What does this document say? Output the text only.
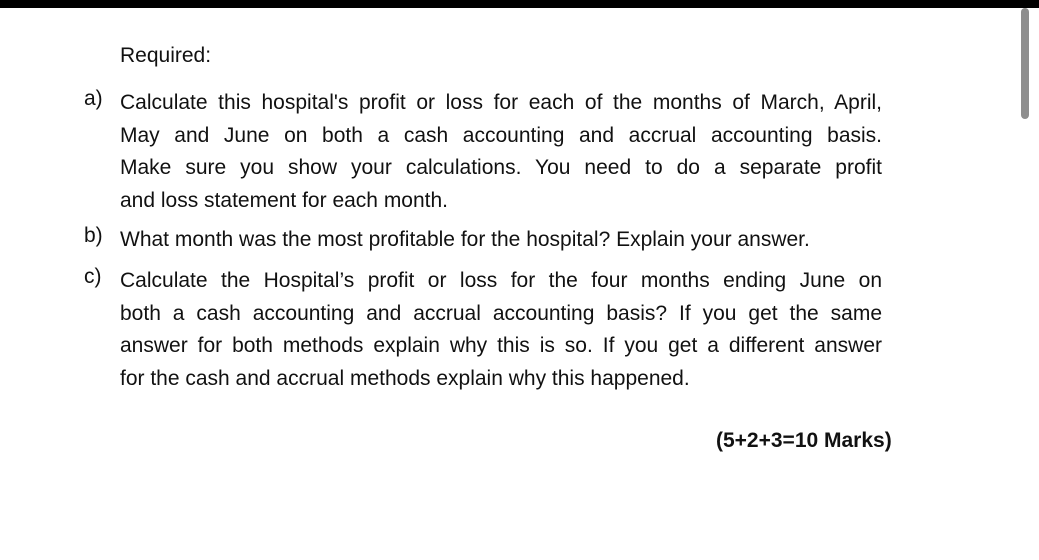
Required:
a) Calculate this hospital's profit or loss for each of the months of March, April,
May and June on both a cash accounting and accrual accounting basis.
Make sure you show your calculations. You need to do a separate profit
and loss statement for each month.
b) What month was the most profitable for the hospital? Explain your answer.
c) Calculate the Hospital’s profit or loss for the four months ending June on
both a cash accounting and accrual accounting basis? If you get the same
answer for both methods explain why this is so. If you get a different answer
for the cash and accrual methods explain why this happened.
(5+2+3=10 Marks)
